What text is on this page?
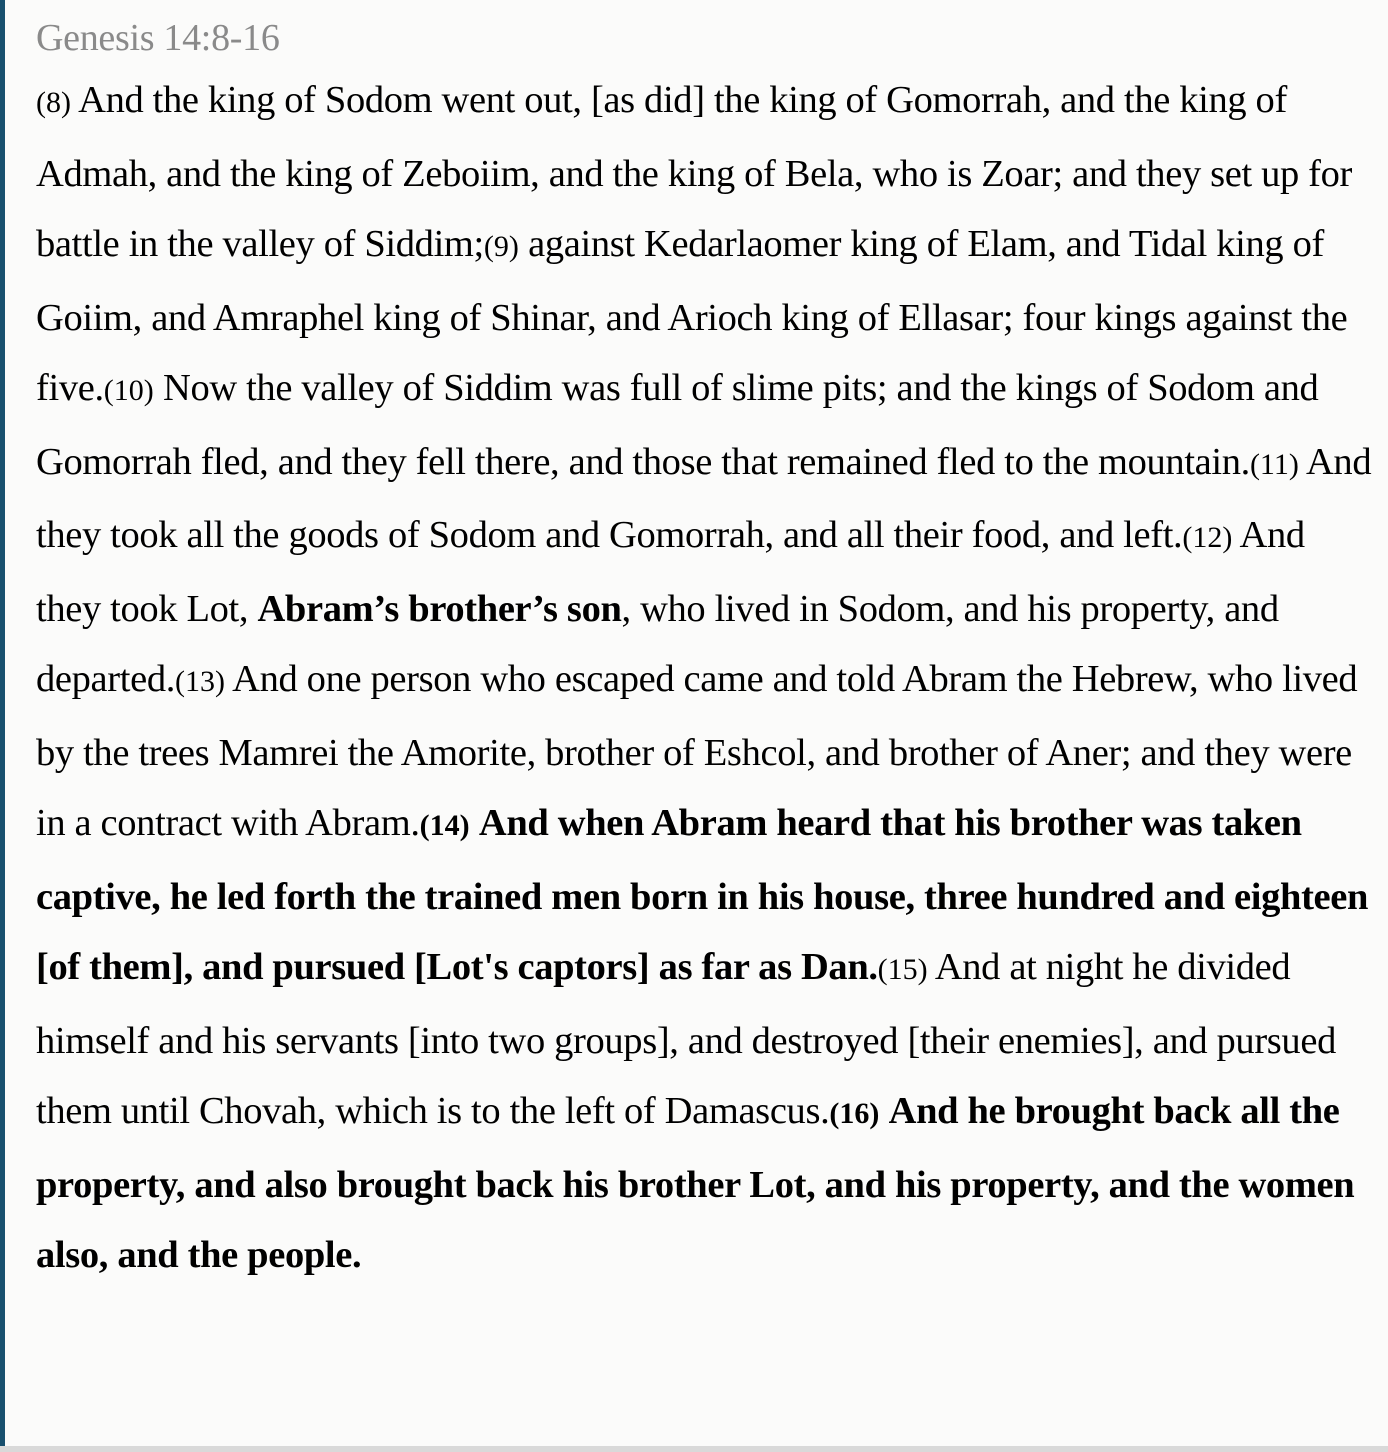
Genesis 14:8-16
(8) And the king of Sodom went out, [as did] the king of Gomorrah, and the king of Admah, and the king of Zeboiim, and the king of Bela, who is Zoar; and they set up for battle in the valley of Siddim;(9) against Kedarlaomer king of Elam, and Tidal king of Goiim, and Amraphel king of Shinar, and Arioch king of Ellasar; four kings against the five.(10) Now the valley of Siddim was full of slime pits; and the kings of Sodom and Gomorrah fled, and they fell there, and those that remained fled to the mountain.(11) And they took all the goods of Sodom and Gomorrah, and all their food, and left.(12) And they took Lot, Abram’s brother’s son, who lived in Sodom, and his property, and departed.(13) And one person who escaped came and told Abram the Hebrew, who lived by the trees Mamrei the Amorite, brother of Eshcol, and brother of Aner; and they were in a contract with Abram.(14) And when Abram heard that his brother was taken captive, he led forth the trained men born in his house, three hundred and eighteen [of them], and pursued [Lot's captors] as far as Dan.(15) And at night he divided himself and his servants [into two groups], and destroyed [their enemies], and pursued them until Chovah, which is to the left of Damascus.(16) And he brought back all the property, and also brought back his brother Lot, and his property, and the women also, and the people.
